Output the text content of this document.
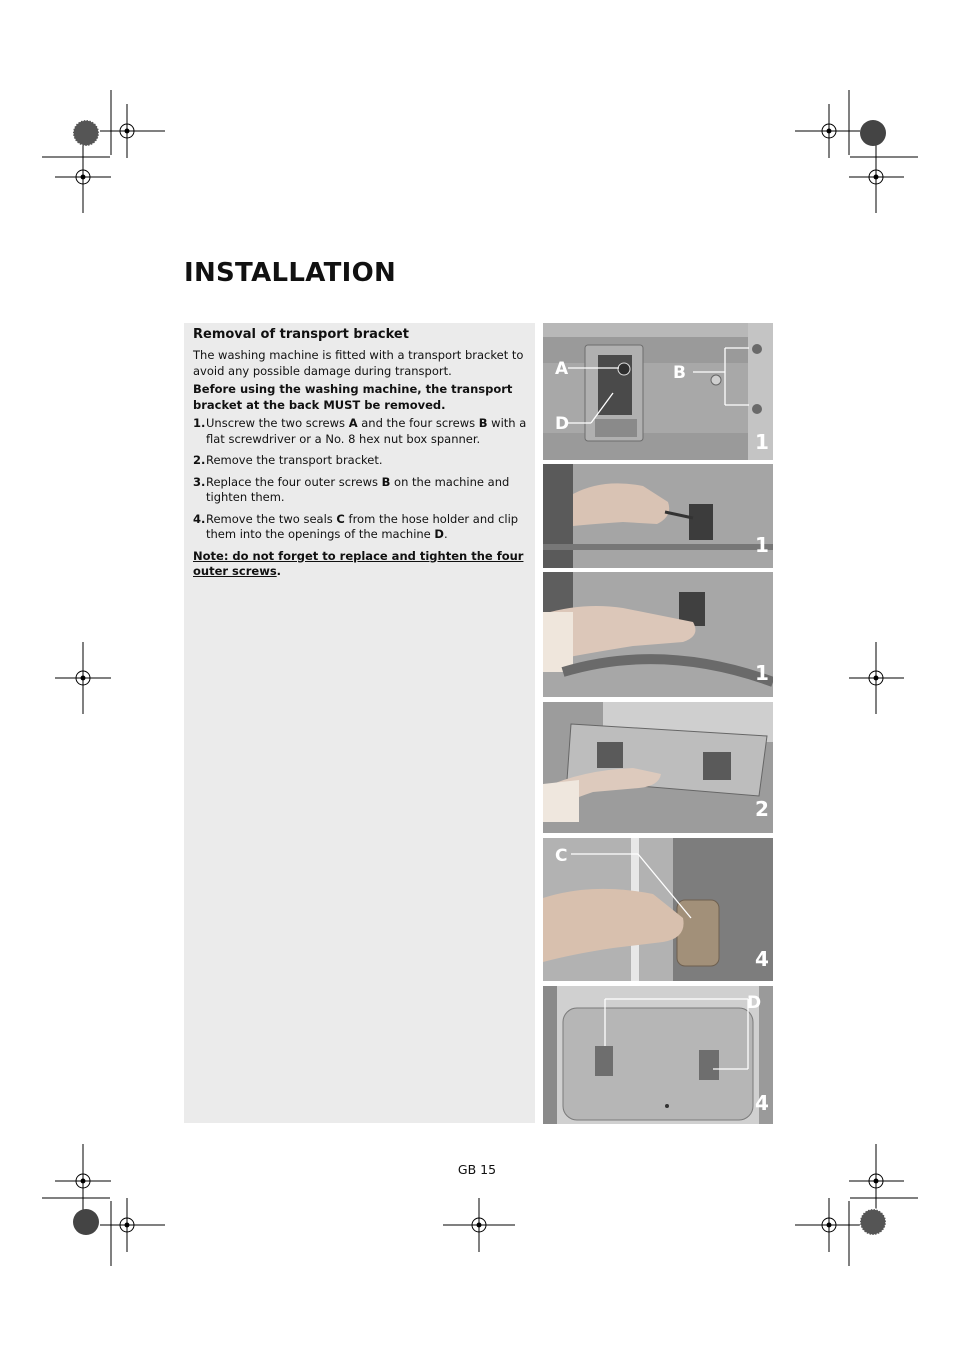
INSTALLATION
Removal of transport bracket

The washing machine is fitted with a transport bracket to avoid any possible damage during transport.

Before using the washing machine, the transport bracket at the back MUST be removed.

1. Unscrew the two screws A and the four screws B with a flat screwdriver or a No. 8 hex nut box spanner.
2. Remove the transport bracket.
3. Replace the four outer screws B on the machine and tighten them.
4. Remove the two seals C from the hose holder and clip them into the openings of the machine D.

Note: do not forget to replace and tighten the four outer screws.

A	B
D
1
1
1
2
C
4
D
4
GB 15
